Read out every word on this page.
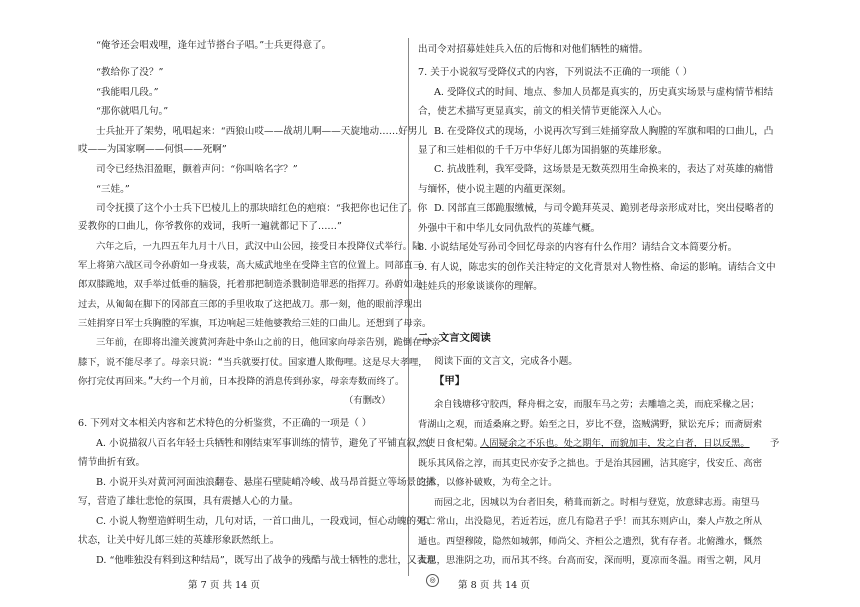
“俺爷还会唱戏哩，逢年过节搭台子唱。”士兵更得意了。
“教给你了没？”
“我能唱几段。”
“那你就唱几句。”
士兵扯开了架势，吼唱起来：“西狼山哎——战胡儿啊——天旋地动……好男儿
哎——为国家啊——何惧——死啊”
司令已经热泪盈眶，颤着声问：“你叫啥名字？”
“三娃。”
司令抚摸了这个小士兵下巴棱儿上的那块暗红色的疤痕：“我把你也记住了。你
妥教你的口曲儿，你爷教你的戏词，我听一遍就都记下了……”
六年之后，一九四五年九月十八日，武汉中山公园，接受日本投降仪式举行。陆
军上将第六战区司令孙蔚如一身戎装，高大威武地坐在受降主官的位置上。同部直三
郎双膝跪地，双手举过低垂的脑袋，托着那把制造杀戮制造罪恶的指挥刀。孙蔚如走
过去，从匍匐在脚下的冈部直三郎的手里收取了这把战刀。那一刻，他的眼前浮现出
三娃捐穿日军士兵胸膛的军旗，耳边响起三娃他婆教给三娃的口曲儿。还想到了母亲。
三年前，在即将出潼关渡黄河奔赴中条山之前的日，他回家向母亲告别，跪倒在母亲
膝下，说不能尽孝了。母亲只说：“当兵就要打仗。国家遭人欺侮哩。这是尽大孝哩，
你打完仗再回来。”大约一个月前，日本投降的消息传到孙家，母亲寿数而终了。
（有删改）
6. 下列对文本相关内容和艺术特色的分析鉴赏，不正确的一项是（ ）
A. 小说描叙八百名年轻士兵牺牲和刚结束军事训练的情节，避免了平铺直叙，使
情节曲折有致。
B. 小说开头对黄河河面浊浪翻卷、悬崖石壁陡峭冷峻、战马昂首挺立等场景的描
写，营造了雄壮悲怆的氛围，具有震撼人心的力量。
C. 小说人物塑造鲜明生动，几句对话，一首口曲儿，一段戏词，恒心动魄的死亡
状态，让关中好儿郎三娃的英雄形象跃然纸上。
D. “他唯独没有料到这种结局”，既写出了战争的残酷与战士牺牲的悲壮，又表现
第 7 页 共 14 页
出司令对招募娃娃兵入伍的后悔和对他们牺牲的痛惜。
7. 关于小说叙写受降仪式的内容，下列说法不正确的一项能（ ）
A. 受降仪式的时间、地点、参加人员都是真实的，历史真实场景与虚构情节相结
合，使艺术描写更显真实，前文的相关情节更能深入人心。
B. 在受降仪式的现场，小说再次写到三娃捅穿敌人胸膛的军旗和唱的口曲儿，凸
显了和三娃相似的千千万中华好儿郎为国捐躯的英雄形象。
C. 抗战胜利，我军受降，这场景是无数英烈用生命换来的，表达了对英雄的痛惜
与缅怀，使小说主题的内蕴更深刻。
D. 冈部直三郎跪服缴械，与司令跪拜英灵、跪别老母亲形成对比，突出侵略者的
外强中干和中华儿女同仇敌忾的英雄气概。
8. 小说结尾处写孙司令回忆母亲的内容有什么作用？请结合文本简要分析。
9. 有人说，陈忠实的创作关注特定的文化背景对人物性格、命运的影响。请结合文中
娃娃兵的形象谈谈你的理解。
二、文言文阅读
阅读下面的文言文，完成各小题。
【甲】
余自钱塘移守胶西，释舟楫之安，而服车马之劳；去雕墙之美，而庇采椽之居；
背湖山之观，而适桑麻之野。始至之日，岁比不登，盗贼满野，狱讼充斥；而斋厨索
然，日食杞菊。
人固疑余之不乐也。处之期年，而貌加丰，发之白者，日以反黑。 予
既乐其风俗之淳，而其吏民亦安予之拙也。于是治其园圃，洁其庭宇，伐安丘、高密
之木，以修补破败，为苟全之计。
而园之北，因城以为台者旧矣，稍葺而新之。时相与登览，放意肆志焉。南望马
耳、常山，出没隐见，若近若远，庶几有隐君子乎！而其东则庐山，秦人卢敖之所从
遁也。西望穆陵，隐然如城郭，师尚父、齐桓公之遗烈，犹有存者。北俯潍水，慨然
太息，思淮阴之功，而吊其不终。台高而安，深而明，夏凉而冬温。雨雪之朝，风月
◎	第 8 页 共 14 页
